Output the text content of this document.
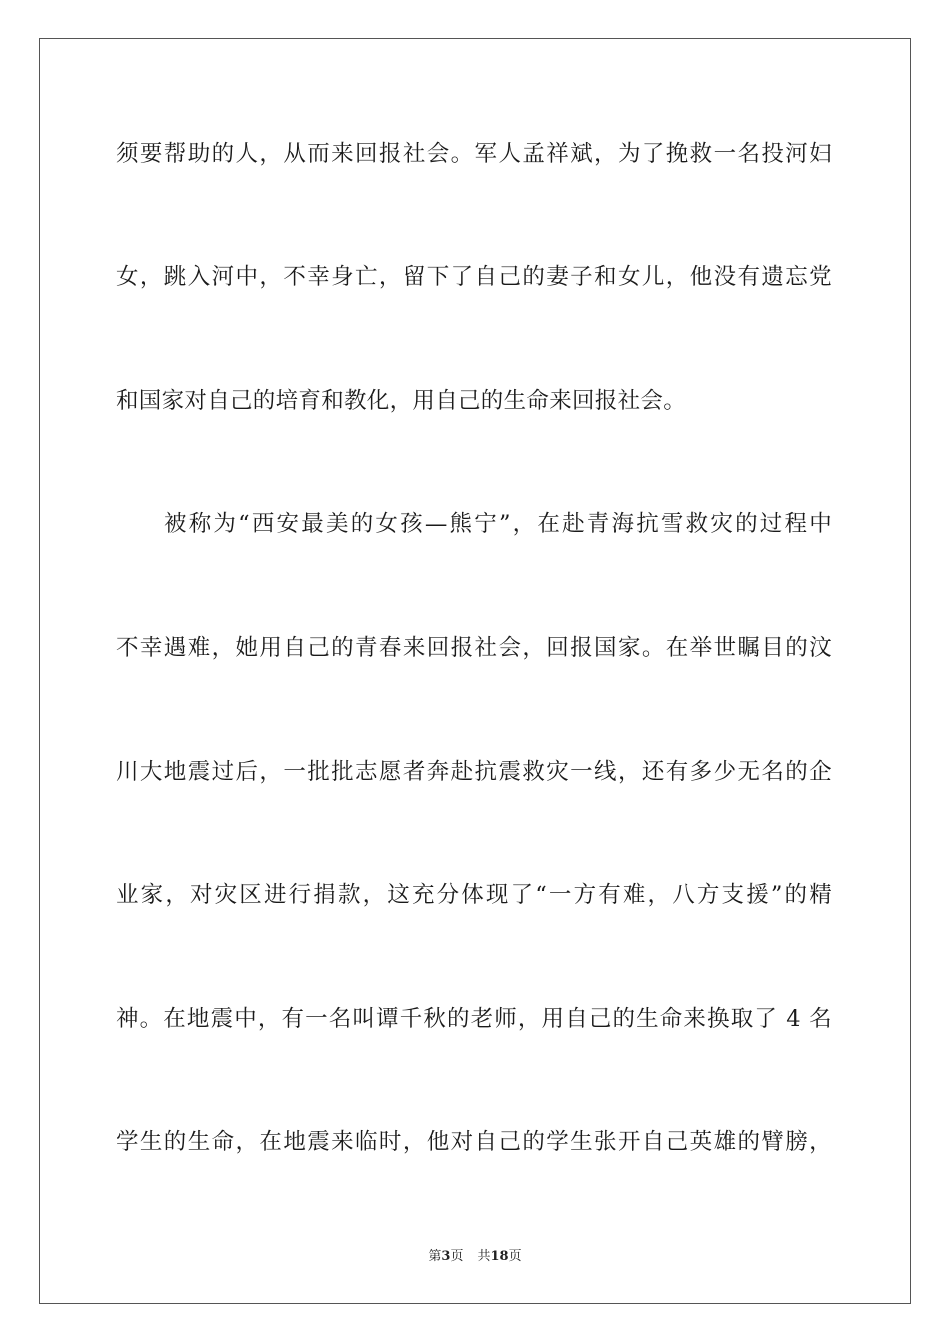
须要帮助的人，从而来回报社会。军人孟祥斌，为了挽救一名投河妇
女，跳入河中，不幸身亡，留下了自己的妻子和女儿，他没有遗忘党
和国家对自己的培育和教化，用自己的生命来回报社会。
被称为“西安最美的女孩—熊宁”，在赴青海抗雪救灾的过程中
不幸遇难，她用自己的青春来回报社会，回报国家。在举世瞩目的汶
川大地震过后，一批批志愿者奔赴抗震救灾一线，还有多少无名的企
业家，对灾区进行捐款，这充分体现了“一方有难，八方支援”的精
神。在地震中，有一名叫谭千秋的老师，用自己的生命来换取了 4 名
学生的生命，在地震来临时，他对自己的学生张开自己英雄的臂膀，
第3页 共18页
